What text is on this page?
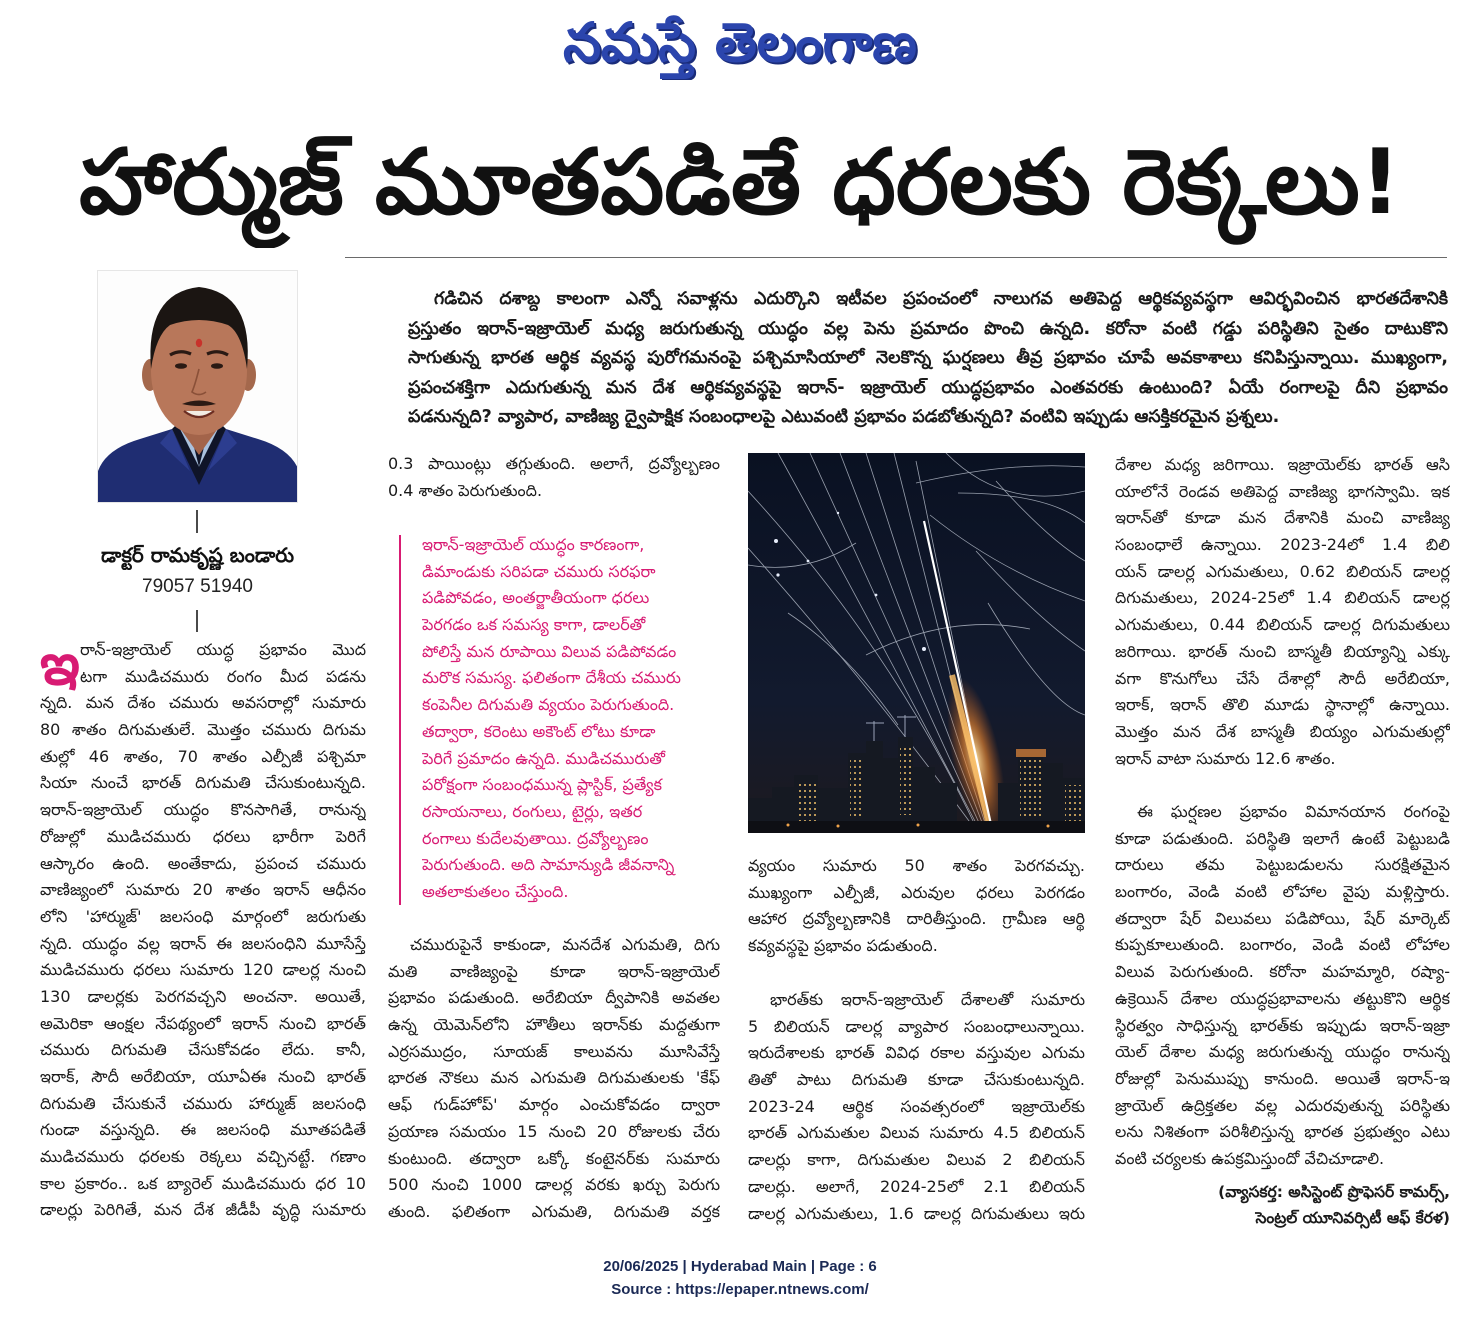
నమస్తే తెలంగాణ
హార్ముజ్ మూతపడితే ధరలకు రెక్కలు!
గడిచిన దశాబ్ద కాలంగా ఎన్నో సవాళ్లను ఎదుర్కొని ఇటీవల ప్రపంచంలో నాలుగవ అతిపెద్ద ఆర్థికవ్యవస్థగా ఆవిర్భవించిన భారతదేశానికి
ప్రస్తుతం ఇరాన్-ఇజ్రాయెల్ మధ్య జరుగుతున్న యుద్ధం వల్ల పెను ప్రమాదం పొంచి ఉన్నది. కరోనా వంటి గడ్డు పరిస్థితిని సైతం దాటుకొని
సాగుతున్న భారత ఆర్థిక వ్యవస్థ పురోగమనంపై పశ్చిమాసియాలో నెలకొన్న ఘర్షణలు తీవ్ర ప్రభావం చూపే అవకాశాలు కనిపిస్తున్నాయి. ముఖ్యంగా,
ప్రపంచశక్తిగా ఎదుగుతున్న మన దేశ ఆర్థికవ్యవస్థపై ఇరాన్- ఇజ్రాయెల్ యుద్ధప్రభావం ఎంతవరకు ఉంటుంది? ఏయే రంగాలపై దీని ప్రభావం
పడనున్నది? వ్యాపార, వాణిజ్య ద్వైపాక్షిక సంబంధాలపై ఎటువంటి ప్రభావం పడబోతున్నది? వంటివి ఇప్పుడు ఆసక్తికరమైన ప్రశ్నలు.
డాక్టర్ రామకృష్ణ బండారు
79057 51940
ఇ రాన్-ఇజ్రాయెల్ యుద్ధ ప్రభావం మొద
టగా ముడిచమురు రంగం మీద పడను
న్నది. మన దేశం చమురు అవసరాల్లో సుమారు
80 శాతం దిగుమతులే. మొత్తం చమురు దిగుమ
తుల్లో 46 శాతం, 70 శాతం ఎల్పీజీ పశ్చిమా
సియా నుంచే భారత్ దిగుమతి చేసుకుంటున్నది.
ఇరాన్-ఇజ్రాయెల్ యుద్ధం కొనసాగితే, రానున్న
రోజుల్లో ముడిచమురు ధరలు భారీగా పెరిగే
ఆస్కారం ఉంది. అంతేకాదు, ప్రపంచ చమురు
వాణిజ్యంలో సుమారు 20 శాతం ఇరాన్ ఆధీనం
లోని 'హార్ముజ్' జలసంధి మార్గంలో జరుగుతు
న్నది. యుద్ధం వల్ల ఇరాన్ ఈ జలసంధిని మూసేస్తే
ముడిచమురు ధరలు సుమారు 120 డాలర్ల నుంచి
130 డాలర్లకు పెరగవచ్చని అంచనా. అయితే,
అమెరికా ఆంక్షల నేపథ్యంలో ఇరాన్ నుంచి భారత్
చమురు దిగుమతి చేసుకోవడం లేదు. కానీ,
ఇరాక్, సౌదీ అరేబియా, యూఏఈ నుంచి భారత్
దిగుమతి చేసుకునే చమురు హార్ముజ్ జలసంధి
గుండా వస్తున్నది. ఈ జలసంధి మూతపడితే
ముడిచమురు ధరలకు రెక్కలు వచ్చినట్టే. గణాం
కాల ప్రకారం.. ఒక బ్యారెల్ ముడిచమురు ధర 10
డాలర్లు పెరిగితే, మన దేశ జీడీపీ వృద్ధి సుమారు
0.3 పాయింట్లు తగ్గుతుంది. అలాగే, ద్రవ్యోల్బణం
0.4 శాతం పెరుగుతుంది.
ఇరాన్-ఇజ్రాయెల్ యుద్ధం కారణంగా,
డిమాండుకు సరిపడా చమురు సరఫరా
పడిపోవడం, అంతర్జాతీయంగా ధరలు
పెరగడం ఒక సమస్య కాగా, డాలర్‌తో
పోలిస్తే మన రూపాయి విలువ పడిపోవడం
మరొక సమస్య. ఫలితంగా దేశీయ చమురు
కంపెనీల దిగుమతి వ్యయం పెరుగుతుంది.
తద్వారా, కరెంటు అకౌంట్ లోటు కూడా
పెరిగే ప్రమాదం ఉన్నది. ముడిచమురుతో
పరోక్షంగా సంబంధమున్న ప్లాస్టిక్, ప్రత్యేక
రసాయనాలు, రంగులు, టైర్లు, ఇతర
రంగాలు కుదేలవుతాయి. ద్రవ్యోల్బణం
పెరుగుతుంది. అది సామాన్యుడి జీవనాన్ని
అతలాకుతలం చేస్తుంది.
చమురుపైనే కాకుండా, మనదేశ ఎగుమతి, దిగు
మతి వాణిజ్యంపై కూడా ఇరాన్-ఇజ్రాయెల్
ప్రభావం పడుతుంది. అరేబియా ద్వీపానికి అవతల
ఉన్న యెమెన్‌లోని హౌతీలు ఇరాన్‌కు మద్దతుగా
ఎర్రసముద్రం, సూయజ్ కాలువను మూసివేస్తే
భారత నౌకలు మన ఎగుమతి దిగుమతులకు 'కేఫ్
ఆఫ్ గుడ్‌హోప్' మార్గం ఎంచుకోవడం ద్వారా
ప్రయాణ సమయం 15 నుంచి 20 రోజులకు చేరు
కుంటుంది. తద్వారా ఒక్కో కంటైనర్‌కు సుమారు
500 నుంచి 1000 డాలర్ల వరకు ఖర్చు పెరుగు
తుంది. ఫలితంగా ఎగుమతి, దిగుమతి వర్తక
వ్యయం సుమారు 50 శాతం పెరగవచ్చు.
ముఖ్యంగా ఎల్పీజీ, ఎరువుల ధరలు పెరగడం
ఆహార ద్రవ్యోల్బణానికి దారితీస్తుంది. గ్రామీణ ఆర్థి
కవ్యవస్థపై ప్రభావం పడుతుంది.
భారత్‌కు ఇరాన్-ఇజ్రాయెల్ దేశాలతో సుమారు
5 బిలియన్ డాలర్ల వ్యాపార సంబంధాలున్నాయి.
ఇరుదేశాలకు భారత్ వివిధ రకాల వస్తువుల ఎగుమ
తితో పాటు దిగుమతి కూడా చేసుకుంటున్నది.
2023-24 ఆర్థిక సంవత్సరంలో ఇజ్రాయెల్‌కు
భారత్ ఎగుమతుల విలువ సుమారు 4.5 బిలియన్
డాలర్లు కాగా, దిగుమతుల విలువ 2 బిలియన్
డాలర్లు. అలాగే, 2024-25లో 2.1 బిలియన్
డాలర్ల ఎగుమతులు, 1.6 డాలర్ల దిగుమతులు ఇరు
దేశాల మధ్య జరిగాయి. ఇజ్రాయెల్‌కు భారత్ ఆసి
యాలోనే రెండవ అతిపెద్ద వాణిజ్య భాగస్వామి. ఇక
ఇరాన్‌తో కూడా మన దేశానికి మంచి వాణిజ్య
సంబంధాలే ఉన్నాయి. 2023-24లో 1.4 బిలి
యన్ డాలర్ల ఎగుమతులు, 0.62 బిలియన్ డాలర్ల
దిగుమతులు, 2024-25లో 1.4 బిలియన్ డాలర్ల
ఎగుమతులు, 0.44 బిలియన్ డాలర్ల దిగుమతులు
జరిగాయి. భారత్ నుంచి బాస్మతీ బియ్యాన్ని ఎక్కు
వగా కొనుగోలు చేసే దేశాల్లో సౌదీ అరేబియా,
ఇరాక్, ఇరాన్ తొలి మూడు స్థానాల్లో ఉన్నాయి.
మొత్తం మన దేశ బాస్మతీ బియ్యం ఎగుమతుల్లో
ఇరాన్ వాటా సుమారు 12.6 శాతం.
ఈ ఘర్షణల ప్రభావం విమానయాన రంగంపై
కూడా పడుతుంది. పరిస్థితి ఇలాగే ఉంటే పెట్టుబడి
దారులు తమ పెట్టుబడులను సురక్షితమైన
బంగారం, వెండి వంటి లోహాల వైపు మళ్లిస్తారు.
తద్వారా షేర్ విలువలు పడిపోయి, షేర్ మార్కెట్
కుప్పకూలుతుంది. బంగారం, వెండి వంటి లోహాల
విలువ పెరుగుతుంది. కరోనా మహమ్మారి, రష్యా-
ఉక్రెయిన్ దేశాల యుద్ధప్రభావాలను తట్టుకొని ఆర్థిక
స్థిరత్వం సాధిస్తున్న భారత్‌కు ఇప్పుడు ఇరాన్-ఇజ్రా
యెల్ దేశాల మధ్య జరుగుతున్న యుద్ధం రానున్న
రోజుల్లో పెనుముప్పు కానుంది. అయితే ఇరాన్-ఇ
జ్రాయెల్ ఉద్రిక్తతల వల్ల ఎదురవుతున్న పరిస్థితు
లను నిశితంగా పరిశీలిస్తున్న భారత ప్రభుత్వం ఎటు
వంటి చర్యలకు ఉపక్రమిస్తుందో వేచిచూడాలి.
(వ్యాసకర్త: అసిస్టెంట్ ప్రొఫెసర్ కామర్స్,
సెంట్రల్ యూనివర్సిటీ ఆఫ్ కేరళ)
20/06/2025 | Hyderabad Main | Page : 6
Source : https://epaper.ntnews.com/
